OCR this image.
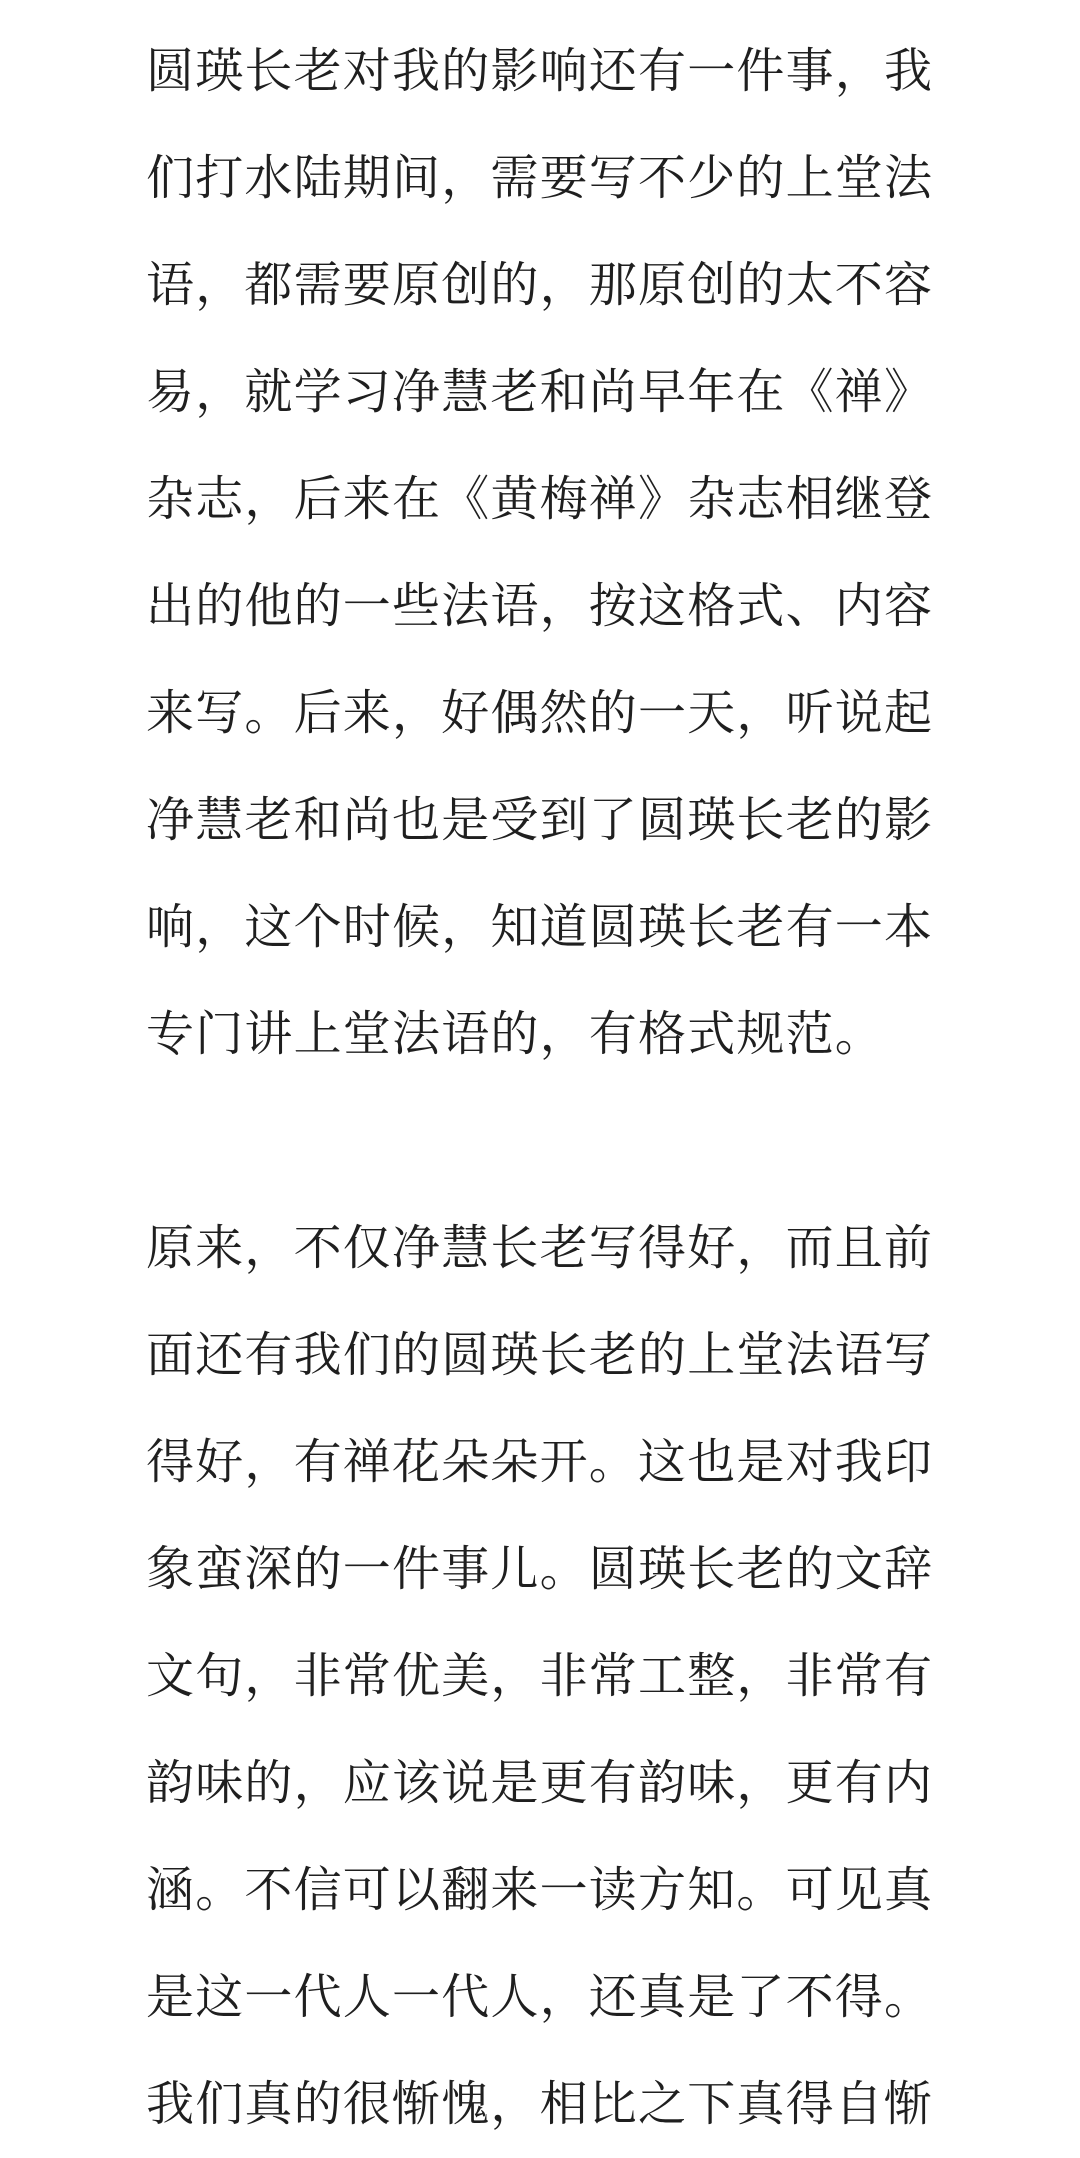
圆瑛长老对我的影响还有一件事，我
们打水陆期间，需要写不少的上堂法
语，都需要原创的，那原创的太不容
易，就学习净慧老和尚早年在《禅》
杂志，后来在《黄梅禅》杂志相继登
出的他的一些法语，按这格式、内容
来写。后来，好偶然的一天，听说起
净慧老和尚也是受到了圆瑛长老的影
响，这个时候，知道圆瑛长老有一本
专门讲上堂法语的，有格式规范。
原来，不仅净慧长老写得好，而且前
面还有我们的圆瑛长老的上堂法语写
得好，有禅花朵朵开。这也是对我印
象蛮深的一件事儿。圆瑛长老的文辞
文句，非常优美，非常工整，非常有
韵味的，应该说是更有韵味，更有内
涵。不信可以翻来一读方知。可见真
是这一代人一代人，还真是了不得。
我们真的很惭愧，相比之下真得自惭
